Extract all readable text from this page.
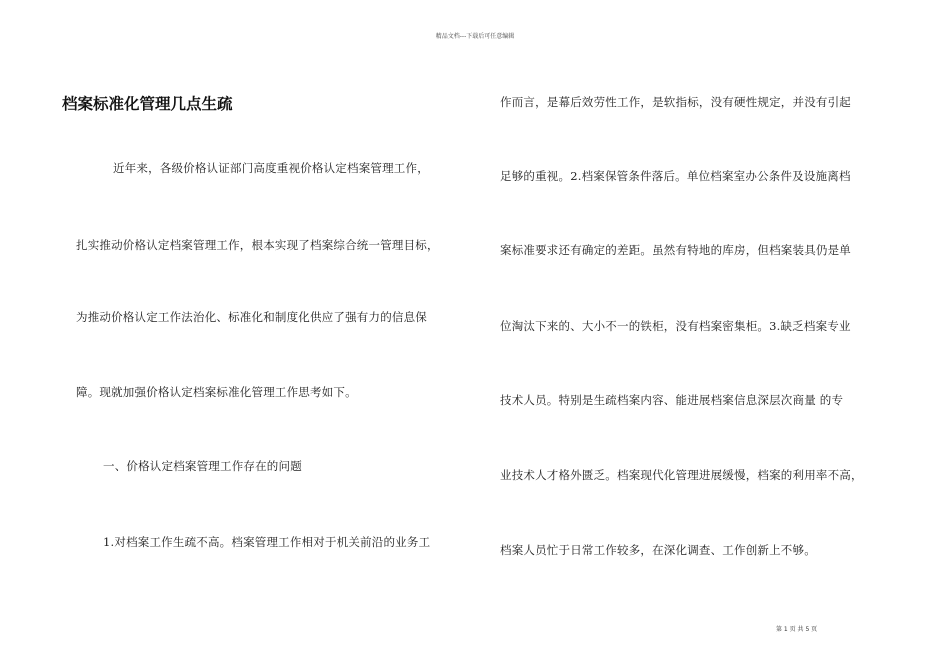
精品文档---下载后可任意编辑
档案标准化管理几点生疏
近年来，各级价格认证部门高度重视价格认定档案管理工作，
扎实推动价格认定档案管理工作，根本实现了档案综合统一管理目标，
为推动价格认定工作法治化、标准化和制度化供应了强有力的信息保
障。现就加强价格认定档案标准化管理工作思考如下。
一、价格认定档案管理工作存在的问题
1.对档案工作生疏不高。档案管理工作相对于机关前沿的业务工
作而言，是幕后效劳性工作，是软指标，没有硬性规定，并没有引起
足够的重视。2.档案保管条件落后。单位档案室办公条件及设施离档
案标准要求还有确定的差距。虽然有特地的库房，但档案装具仍是单
位淘汰下来的、大小不一的铁柜，没有档案密集柜。3.缺乏档案专业
技术人员。特别是生疏档案内容、能进展档案信息深层次商量 的专
业技术人才格外匮乏。档案现代化管理进展缓慢，档案的利用率不高，
档案人员忙于日常工作较多，在深化调查、工作创新上不够。
第 1 页 共 5 页
